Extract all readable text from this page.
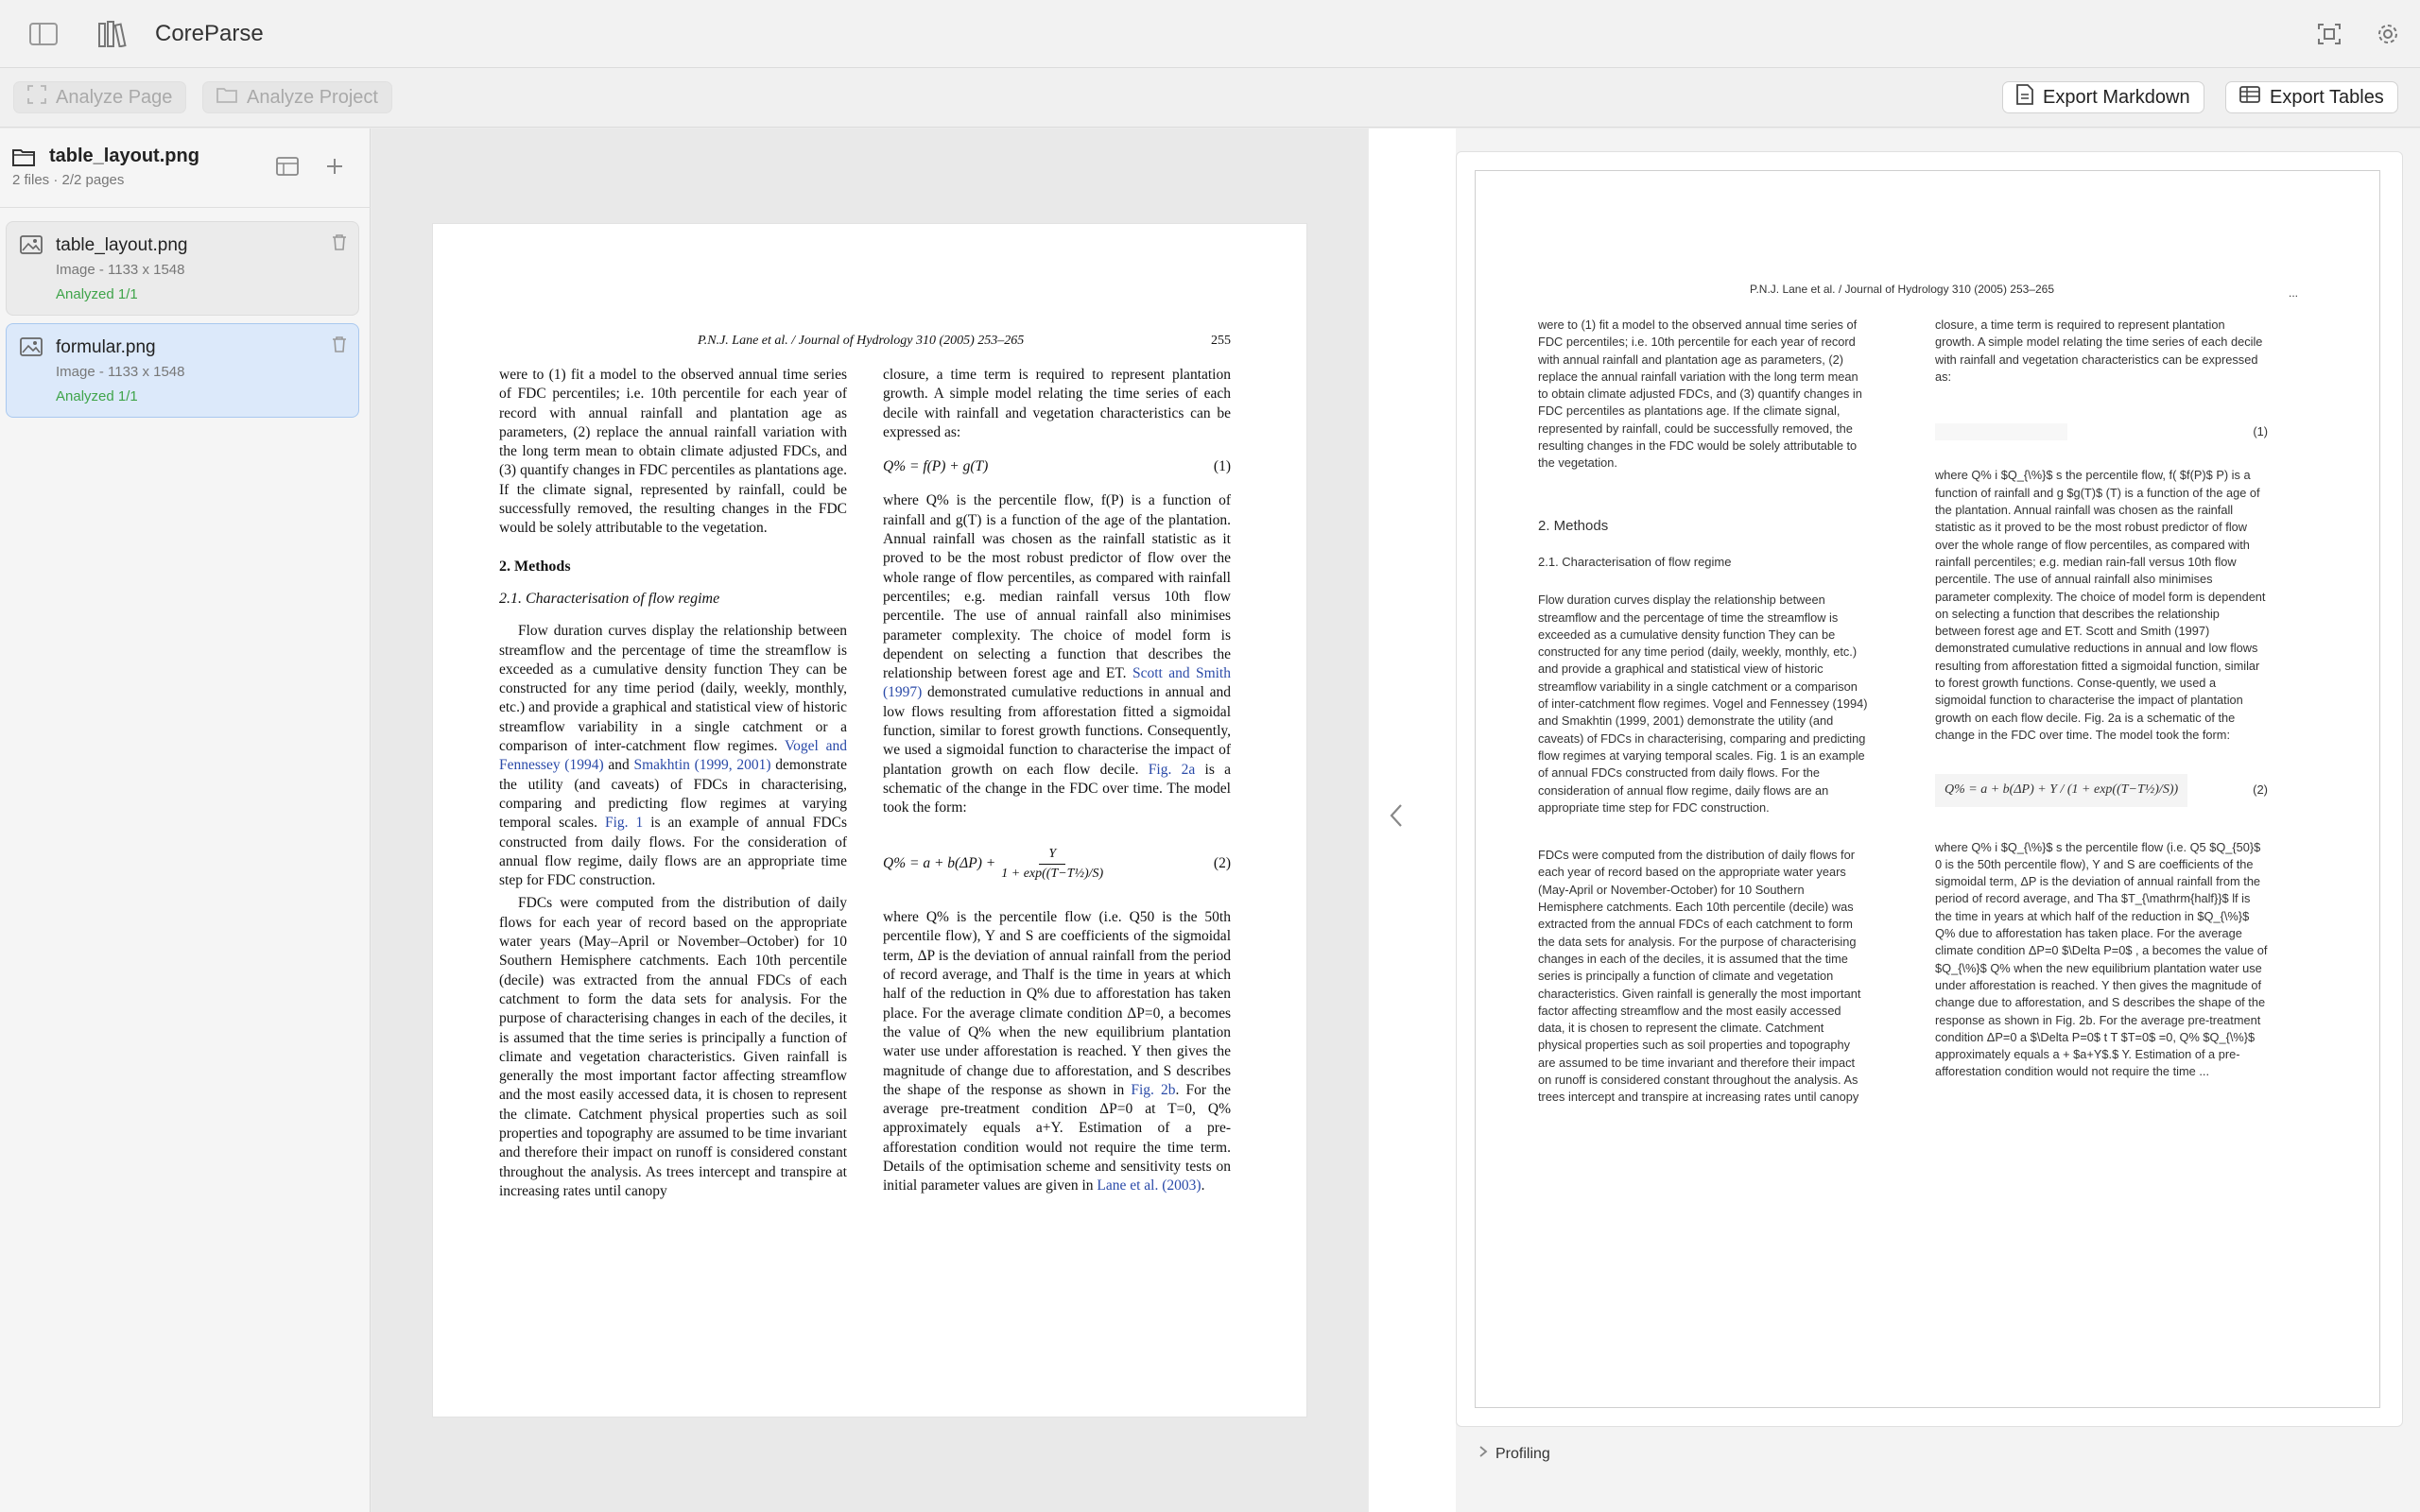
CoreParse
Analyze Page	Analyze Project	Export Markdown	Export Tables
table_layout.png
2 files · 2/2 pages
table_layout.png
Image - 1133 x 1548
Analyzed 1/1
formular.png
Image - 1133 x 1548
Analyzed 1/1
P.N.J. Lane et al. / Journal of Hydrology 310 (2005) 253–265	255

were to (1) fit a model to the observed annual time series of FDC percentiles; i.e. 10th percentile for each year of record with annual rainfall and plantation age as parameters, (2) replace the annual rainfall variation with the long term mean to obtain climate adjusted FDCs, and (3) quantify changes in FDC percentiles as plantations age. If the climate signal, represented by rainfall, could be successfully removed, the resulting changes in the FDC would be solely attributable to the vegetation.

2. Methods
2.1. Characterisation of flow regime

Flow duration curves display the relationship between streamflow and the percentage of time the streamflow is exceeded as a cumulative density function They can be constructed for any time period (daily, weekly, monthly, etc.) and provide a graphical and statistical view of historic streamflow variability in a single catchment or a comparison of inter-catchment flow regimes. Vogel and Fennessey (1994) and Smakhtin (1999, 2001) demonstrate the utility (and caveats) of FDCs in characterising, comparing and predicting flow regimes at varying temporal scales. Fig. 1 is an example of annual FDCs constructed from daily flows. For the consideration of annual flow regime, daily flows are an appropriate time step for FDC construction.

FDCs were computed from the distribution of daily flows for each year of record based on the appropriate water years (May–April or November–October) for 10 Southern Hemisphere catchments. Each 10th percentile (decile) was extracted from the annual FDCs of each catchment to form the data sets for analysis. For the purpose of characterising changes in each of the deciles, it is assumed that the time series is principally a function of climate and vegetation characteristics. Given rainfall is generally the most important factor affecting streamflow and the most easily accessed data, it is chosen to represent the climate. Catchment physical properties such as soil properties and topography are assumed to be time invariant and therefore their impact on runoff is considered constant throughout the analysis. As trees intercept and transpire at increasing rates until canopy

closure, a time term is required to represent plantation growth. A simple model relating the time series of each decile with rainfall and vegetation characteristics can be expressed as:

Q% = f(P) + g(T)	(1)

where Q% is the percentile flow, f(P) is a function of rainfall and g(T) is a function of the age of the plantation. Annual rainfall was chosen as the rainfall statistic as it proved to be the most robust predictor of flow over the whole range of flow percentiles, as compared with rainfall percentiles; e.g. median rainfall versus 10th flow percentile. The use of annual rainfall also minimises parameter complexity. The choice of model form is dependent on selecting a function that describes the relationship between forest age and ET. Scott and Smith (1997) demonstrated cumulative reductions in annual and low flows resulting from afforestation fitted a sigmoidal function, similar to forest growth functions. Consequently, we used a sigmoidal function to characterise the impact of plantation growth on each flow decile. Fig. 2a is a schematic of the change in the FDC over time. The model took the form:

$Q\% = a + b(\Delta P) + \frac{Y}{\text{1 + exp((T−T½)/S)}}$	(2)

where Q% is the percentile flow (i.e. Q50 is the 50th percentile flow), Y and S are coefficients of the sigmoidal term, ΔP is the deviation of annual rainfall from the period of record average, and Thalf is the time in years at which half of the reduction in Q% due to afforestation has taken place. For the average climate condition ΔP=0, a becomes the value of Q% when the new equilibrium plantation water use under afforestation is reached. Y then gives the magnitude of change due to afforestation, and S describes the shape of the response as shown in Fig. 2b. For the average pre-treatment condition ΔP=0 at T=0, Q% approximately equals a+Y. Estimation of a pre-afforestation condition would not require the time term. Details of the optimisation scheme and sensitivity tests on initial parameter values are given in Lane et al. (2003).

P.N.J. Lane et al. / Journal of Hydrology 310 (2005) 253–265	...
were to (1) fit a model to the observed annual time series of FDC percentiles; i.e. 10th percentile for each year of record with annual rainfall and plantation age as parameters, (2) replace the annual rainfall variation with the long term mean to obtain climate adjusted FDCs, and (3) quantify changes in FDC percentiles as plantations age. If the climate signal, represented by rainfall, could be successfully removed, the resulting changes in the FDC would be solely attributable to the vegetation.
2. Methods
2.1. Characterisation of flow regime
Flow duration curves display the relationship between streamflow and the percentage of time the streamflow is exceeded as a cumulative density function They can be constructed for any time period (daily, weekly, monthly, etc.) and provide a graphical and statistical view of historic streamflow variability in a single catchment or a comparison of inter-catchment flow regimes. Vogel and Fennessey (1994) and Smakhtin (1999, 2001) demonstrate the utility (and caveats) of FDCs in characterising, comparing and predicting flow regimes at varying temporal scales. Fig. 1 is an example of annual FDCs constructed from daily flows. For the consideration of annual flow regime, daily flows are an appropriate time step for FDC construction.
FDCs were computed from the distribution of daily flows for each year of record based on the appropriate water years (May-April or November-October) for 10 Southern Hemisphere catchments. Each 10th percentile (decile) was extracted from the annual FDCs of each catchment to form the data sets for analysis. For the purpose of characterising changes in each of the deciles, it is assumed that the time series is principally a function of climate and vegetation characteristics. Given rainfall is generally the most important factor affecting streamflow and the most easily accessed data, it is chosen to represent the climate. Catchment physical properties such as soil properties and topography are assumed to be time invariant and therefore their impact on runoff is considered constant throughout the analysis. As trees intercept and transpire at increasing rates until canopy
closure, a time term is required to represent plantation growth. A simple model relating the time series of each decile with rainfall and vegetation characteristics can be expressed as:
(1)
where Q% i $Q_{\%}$ s the percentile flow, f( $f(P)$ P) is a function of rainfall and g $g(T)$ (T) is a function of the age of the plantation. Annual rainfall was chosen as the rainfall statistic as it proved to be the most robust predictor of flow over the whole range of flow percentiles, as compared with rainfall percentiles; e.g. median rain-fall versus 10th flow percentile. The use of annual rainfall also minimises parameter complexity. The choice of model form is dependent on selecting a function that describes the relationship between forest age and ET. Scott and Smith (1997) demonstrated cumulative reductions in annual and low flows resulting from afforestation fitted a sigmoidal function, similar to forest growth functions. Conse-quently, we used a sigmoidal function to characterise the impact of plantation growth on each flow decile. Fig. 2a is a schematic of the change in the FDC over time. The model took the form:
Q% = a + b(ΔP) + Y / (1 + exp((T−T½)/S))	(2)
where Q% i $Q_{\%}$ s the percentile flow (i.e. Q5 $Q_{50}$ 0 is the 50th percentile flow), Y and S are coefficients of the sigmoidal term, ΔP is the deviation of annual rainfall from the period of record average, and Tha $T_{\mathrm{half}}$ lf is the time in years at which half of the reduction in $Q_{\%}$ Q% due to afforestation has taken place. For the average climate condition ΔP=0 $\Delta P=0$ , a becomes the value of $Q_{\%}$ Q% when the new equilibrium plantation water use under afforestation is reached. Y then gives the magnitude of change due to afforestation, and S describes the shape of the response as shown in Fig. 2b. For the average pre-treatment condition ΔP=0 a $\Delta P=0$ t T $T=0$ =0, Q% $Q_{\%}$ approximately equals a + $a+Y$.$ Y. Estimation of a pre-afforestation condition would not require the time ...
Profiling
